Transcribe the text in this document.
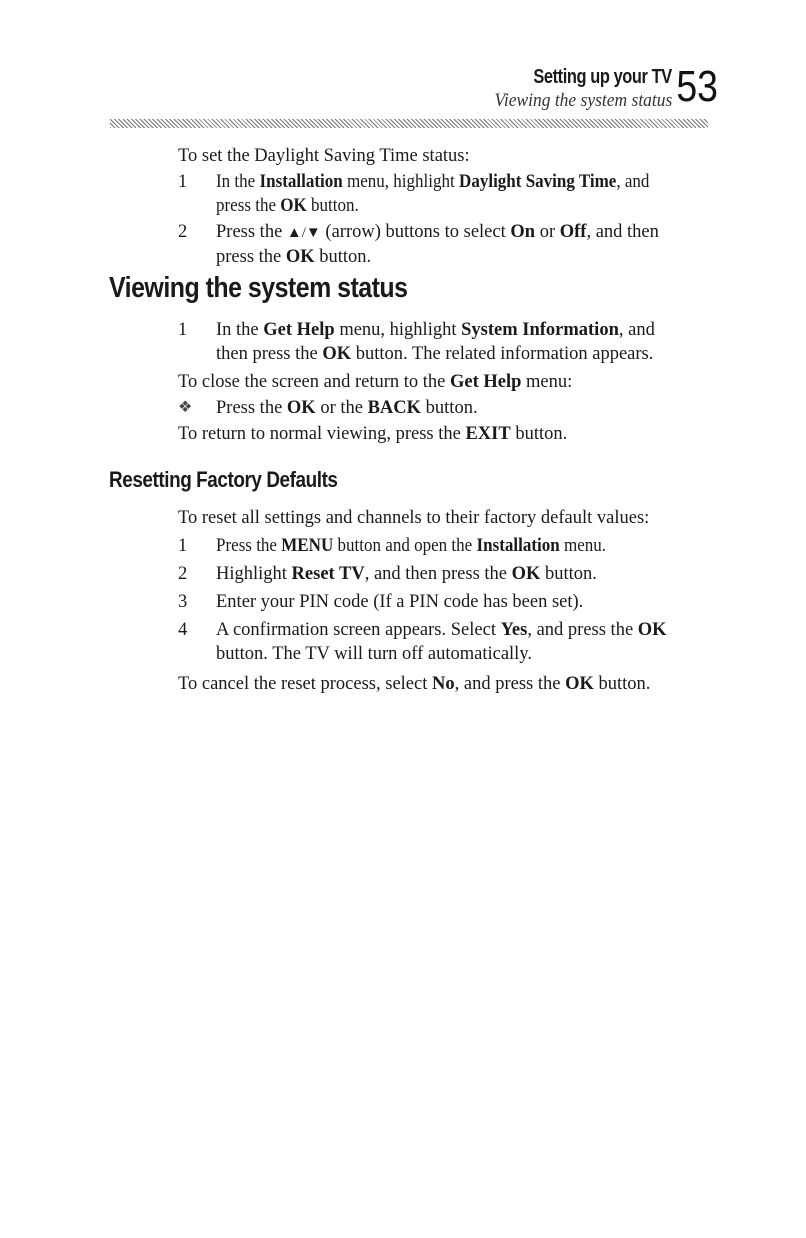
Setting up your TV
Viewing the system status 53

To set the Daylight Saving Time status:

1 In the Installation menu, highlight Daylight Saving Time, and
press the OK button.
2 Press the ▲/▼ (arrow) buttons to select On or Off, and then
press the OK button.
Viewing the system status
1 In the Get Help menu, highlight System Information, and
then press the OK button. The related information appears.

To close the screen and return to the Get Help menu:

❖ Press the OK or the BACK button.

To return to normal viewing, press the EXIT button.

Resetting Factory Defaults

To reset all settings and channels to their factory default values:

1 Press the MENU button and open the Installation menu.
2 Highlight Reset TV, and then press the OK button.
3 Enter your PIN code (If a PIN code has been set).
4 A confirmation screen appears. Select Yes, and press the OK
button. The TV will turn off automatically.

To cancel the reset process, select No, and press the OK button.
